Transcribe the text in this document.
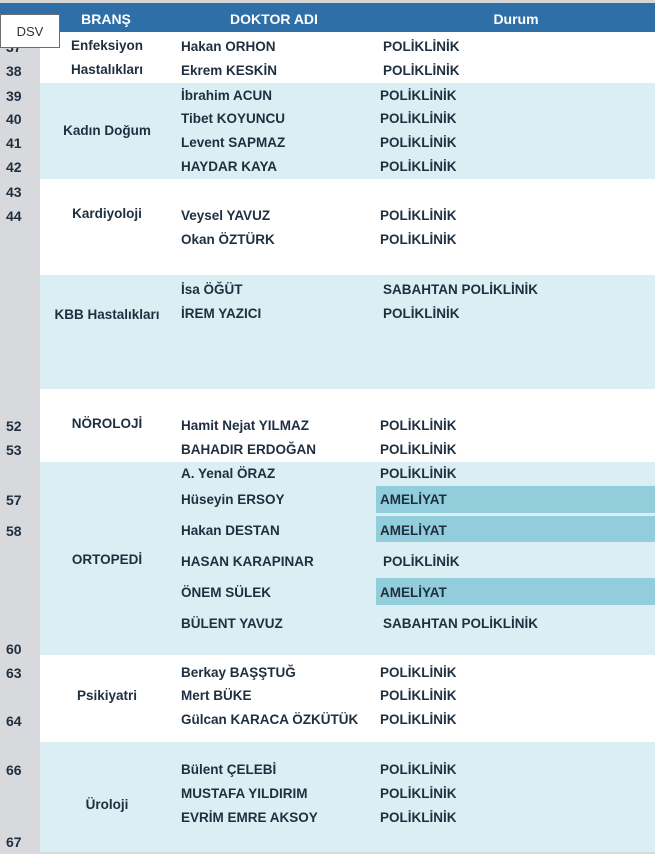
BRANŞ	DOKTOR ADI	Durum
DSV
38
39
40
41
42
43
44
52
53
57
58
60
63
64
66
67
Enfeksiyon Hastalıkları
Kadın Doğum
Kardiyoloji
KBB Hastalıkları
NÖROLOJİ
ORTOPEDİ
Psikiyatri
Üroloji
Hakan ORHON
Ekrem KESKİN
İbrahim ACUN
Tibet KOYUNCU
Levent SAPMAZ
HAYDAR KAYA
Veysel YAVUZ
Okan ÖZTÜRK
İsa ÖĞÜT
İREM YAZICI
Hamit Nejat YILMAZ
BAHADIR ERDOĞAN
A. Yenal ÖRAZ
Hüseyin ERSOY
Hakan DESTAN
HASAN KARAPINAR
ÖNEM SÜLEK
BÜLENT YAVUZ
Berkay BAŞŞTUĞ
Mert BÜKE
Gülcan KARACA ÖZKÜTÜK
Bülent ÇELEBİ
MUSTAFA YILDIRIM
EVRİM EMRE AKSOY
POLİKLİNİK
POLİKLİNİK
POLİKLİNİK
POLİKLİNİK
POLİKLİNİK
POLİKLİNİK
POLİKLİNİK
POLİKLİNİK
SABAHTAN POLİKLİNİK
POLİKLİNİK
POLİKLİNİK
POLİKLİNİK
POLİKLİNİK
AMELİYAT
AMELİYAT
POLİKLİNİK
AMELİYAT
SABAHTAN POLİKLİNİK
POLİKLİNİK
POLİKLİNİK
POLİKLİNİK
POLİKLİNİK
POLİKLİNİK
POLİKLİNİK
